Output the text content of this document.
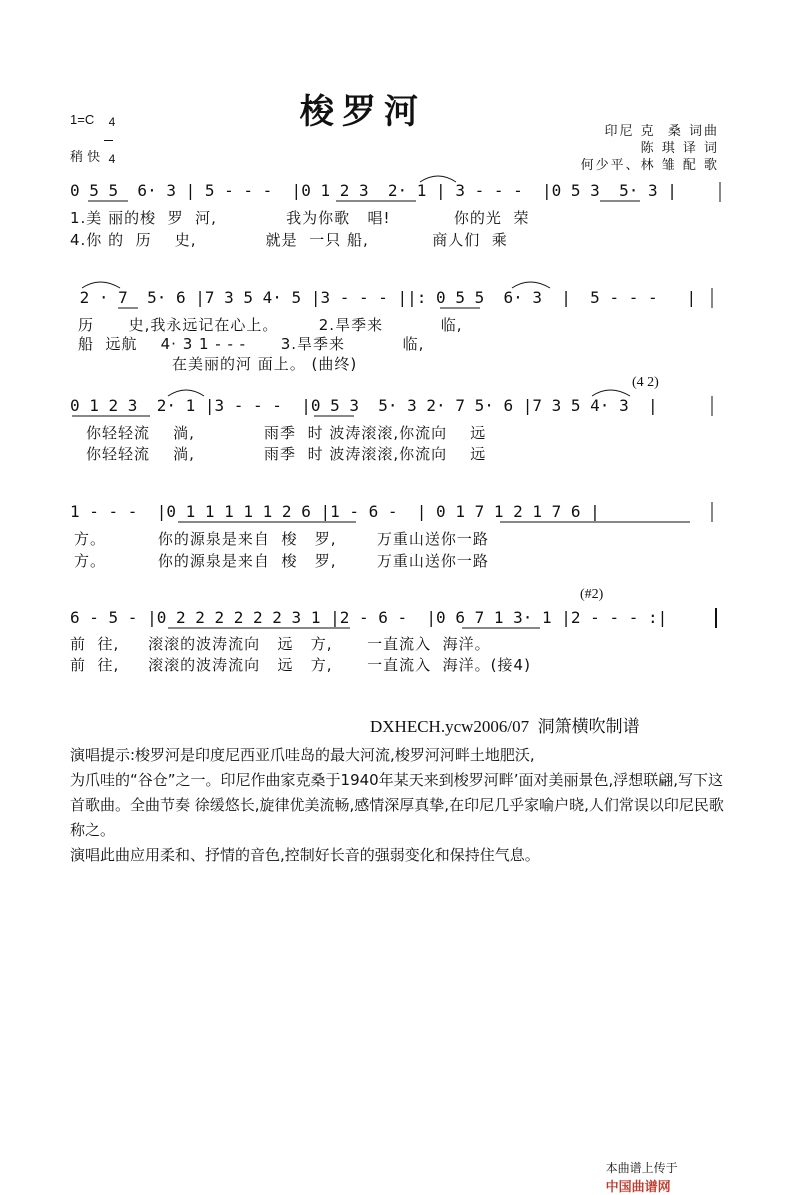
梭罗河
1=C	4

4

稍 快
印尼 克  桑 词曲
陈 琪 译 词
何少平、林 雏 配 歌
0 5 5  6· 3 | 5 - - -  |0 1 2 3  2· 1 | 3 - - -  |0 5 3  5· 3 |
1.美 丽的梭  罗  河,            我为你歌   唱!           你的光  荣
4.你 的  历    史,            就是  一只 船,           商人们  乘
2 · 7  5· 6 |7 3 5 4· 5 |3 - - - ||: 0 5 5  6· 3  |  5 - - -   |
历      史,我永远记在心上。       2.旱季来          临,
船  远航    4· 3 1 - - -      3.旱季来          临,
在美丽的河 面上。 (曲终)
(4 2)
0 1 2 3  2· 1 |3 - - -  |0 5 3  5· 3 2· 7 5· 6 |7 3 5 4· 3  |
你轻轻流    淌,            雨季  时 波涛滚滚,你流向    远
你轻轻流    淌,            雨季  时 波涛滚滚,你流向    远
1 - - -  |0 1 1 1 1 1 2 6 |1 - 6 -  | 0 1 7 1 2 1 7 6 |
方。         你的源泉是来自  梭   罗,       万重山送你一路
方。         你的源泉是来自  梭   罗,       万重山送你一路
(#2)
6 - 5 - |0 2 2 2 2 2 2 3 1 |2 - 6 -  |0 6 7 1 3· 1 |2 - - - :|
前  往,     滚滚的波涛流向   远   方,      一直流入  海洋。
前  往,     滚滚的波涛流向   远   方,      一直流入  海洋。(接4)
DXHECH.ycw2006/07  洞箫横吹制谱

演唱提示:梭罗河是印度尼西亚爪哇岛的最大河流,梭罗河河畔土地肥沃,

为爪哇的“谷仓”之一。印尼作曲家克桑于1940年某天来到梭罗河畔’面对美丽景色,浮想联翩,写下这首歌曲。全曲节奏 徐缓悠长,旋律优美流畅,感情深厚真挚,在印尼几乎家喻户晓,人们常误以印尼民歌称之。

演唱此曲应用柔和、抒情的音色,控制好长音的强弱变化和保持住气息。

本曲谱上传于
中国曲谱网
